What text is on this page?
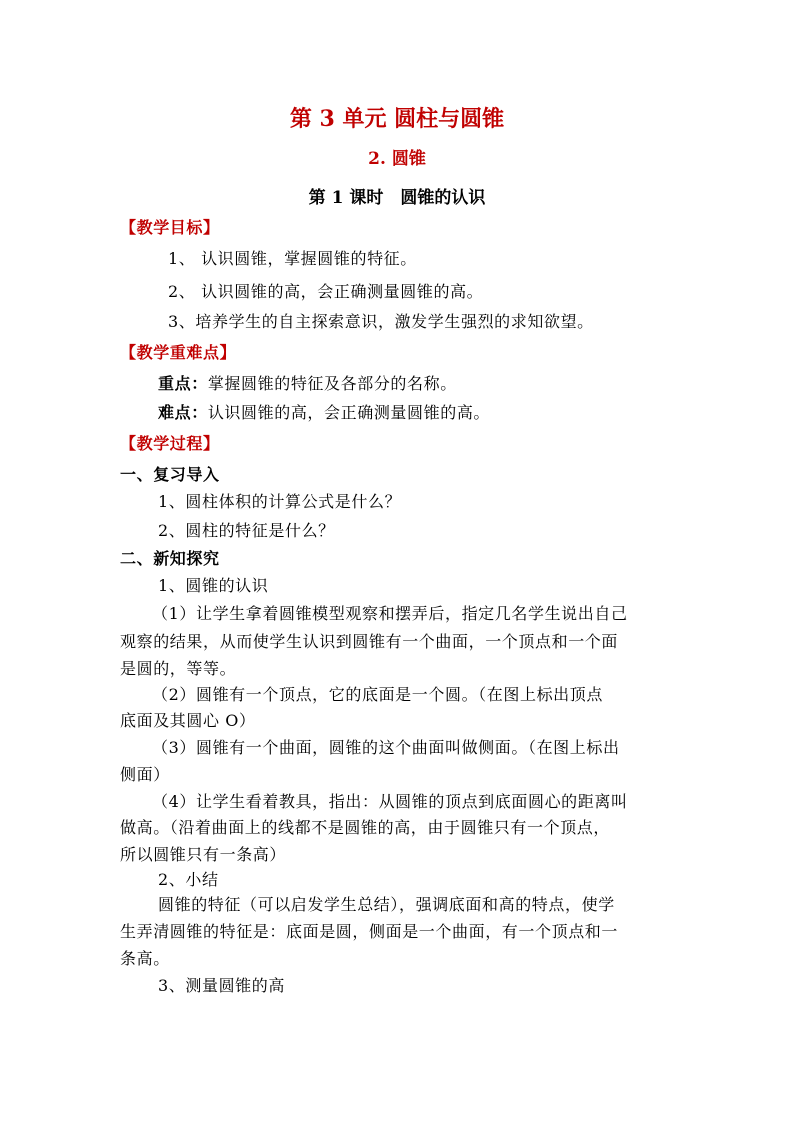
第 3 单元 圆柱与圆锥
2. 圆锥
第 1 课时　圆锥的认识
【教学目标】
1、 认识圆锥，掌握圆锥的特征。
2、 认识圆锥的高，会正确测量圆锥的高。
3、培养学生的自主探索意识，激发学生强烈的求知欲望。
【教学重难点】
重点：掌握圆锥的特征及各部分的名称。
难点：认识圆锥的高，会正确测量圆锥的高。
【教学过程】
一、复习导入
1、圆柱体积的计算公式是什么？
2、圆柱的特征是什么？
二、新知探究
1、圆锥的认识
（1）让学生拿着圆锥模型观察和摆弄后，指定几名学生说出自己
观察的结果，从而使学生认识到圆锥有一个曲面，一个顶点和一个面
是圆的，等等。
（2）圆锥有一个顶点，它的底面是一个圆。（在图上标出顶点
底面及其圆心 O）
（3）圆锥有一个曲面，圆锥的这个曲面叫做侧面。（在图上标出
侧面）
（4）让学生看着教具，指出：从圆锥的顶点到底面圆心的距离叫
做高。（沿着曲面上的线都不是圆锥的高，由于圆锥只有一个顶点，
所以圆锥只有一条高）
2、小结
圆锥的特征（可以启发学生总结），强调底面和高的特点，使学
生弄清圆锥的特征是：底面是圆，侧面是一个曲面，有一个顶点和一
条高。
3、测量圆锥的高
